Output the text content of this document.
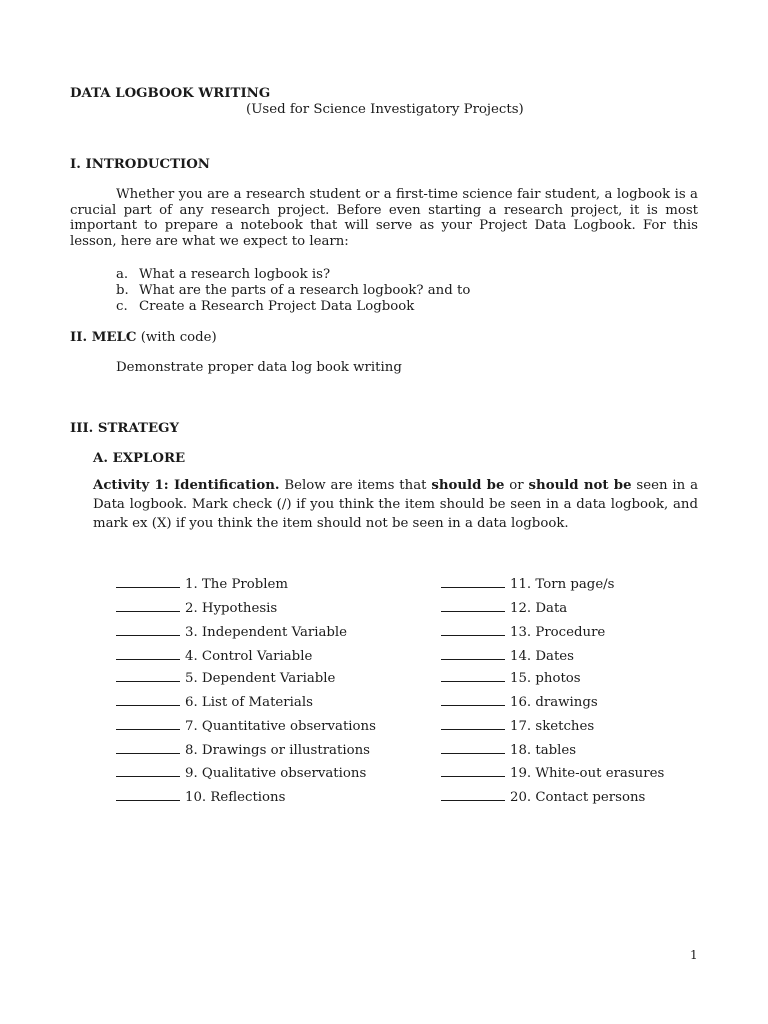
DATA LOGBOOK WRITING
(Used for Science Investigatory Projects)
I. INTRODUCTION

Whether you are a research student or a first-time science fair student, a logbook is a crucial part of any research project. Before even starting a research project, it is most important to prepare a notebook that will serve as your Project Data Logbook. For this lesson, here are what we expect to learn:

a. What a research logbook is?
b. What are the parts of a research logbook? and to
c. Create a Research Project Data Logbook
II. MELC (with code)
Demonstrate proper data log book writing
III. STRATEGY
A. EXPLORE
Activity 1: Identification. Below are items that should be or should not be seen in a Data logbook. Mark check (/) if you think the item should be seen in a data logbook, and mark ex (X) if you think the item should not be seen in a data logbook.
1. The Problem
2. Hypothesis
3. Independent Variable
4. Control Variable
5. Dependent Variable
6. List of Materials
7. Quantitative observations
8. Drawings or illustrations
9. Qualitative observations
10. Reflections
11. Torn page/s
12. Data
13. Procedure
14. Dates
15. photos
16. drawings
17. sketches
18. tables
19. White-out erasures
20. Contact persons
1
